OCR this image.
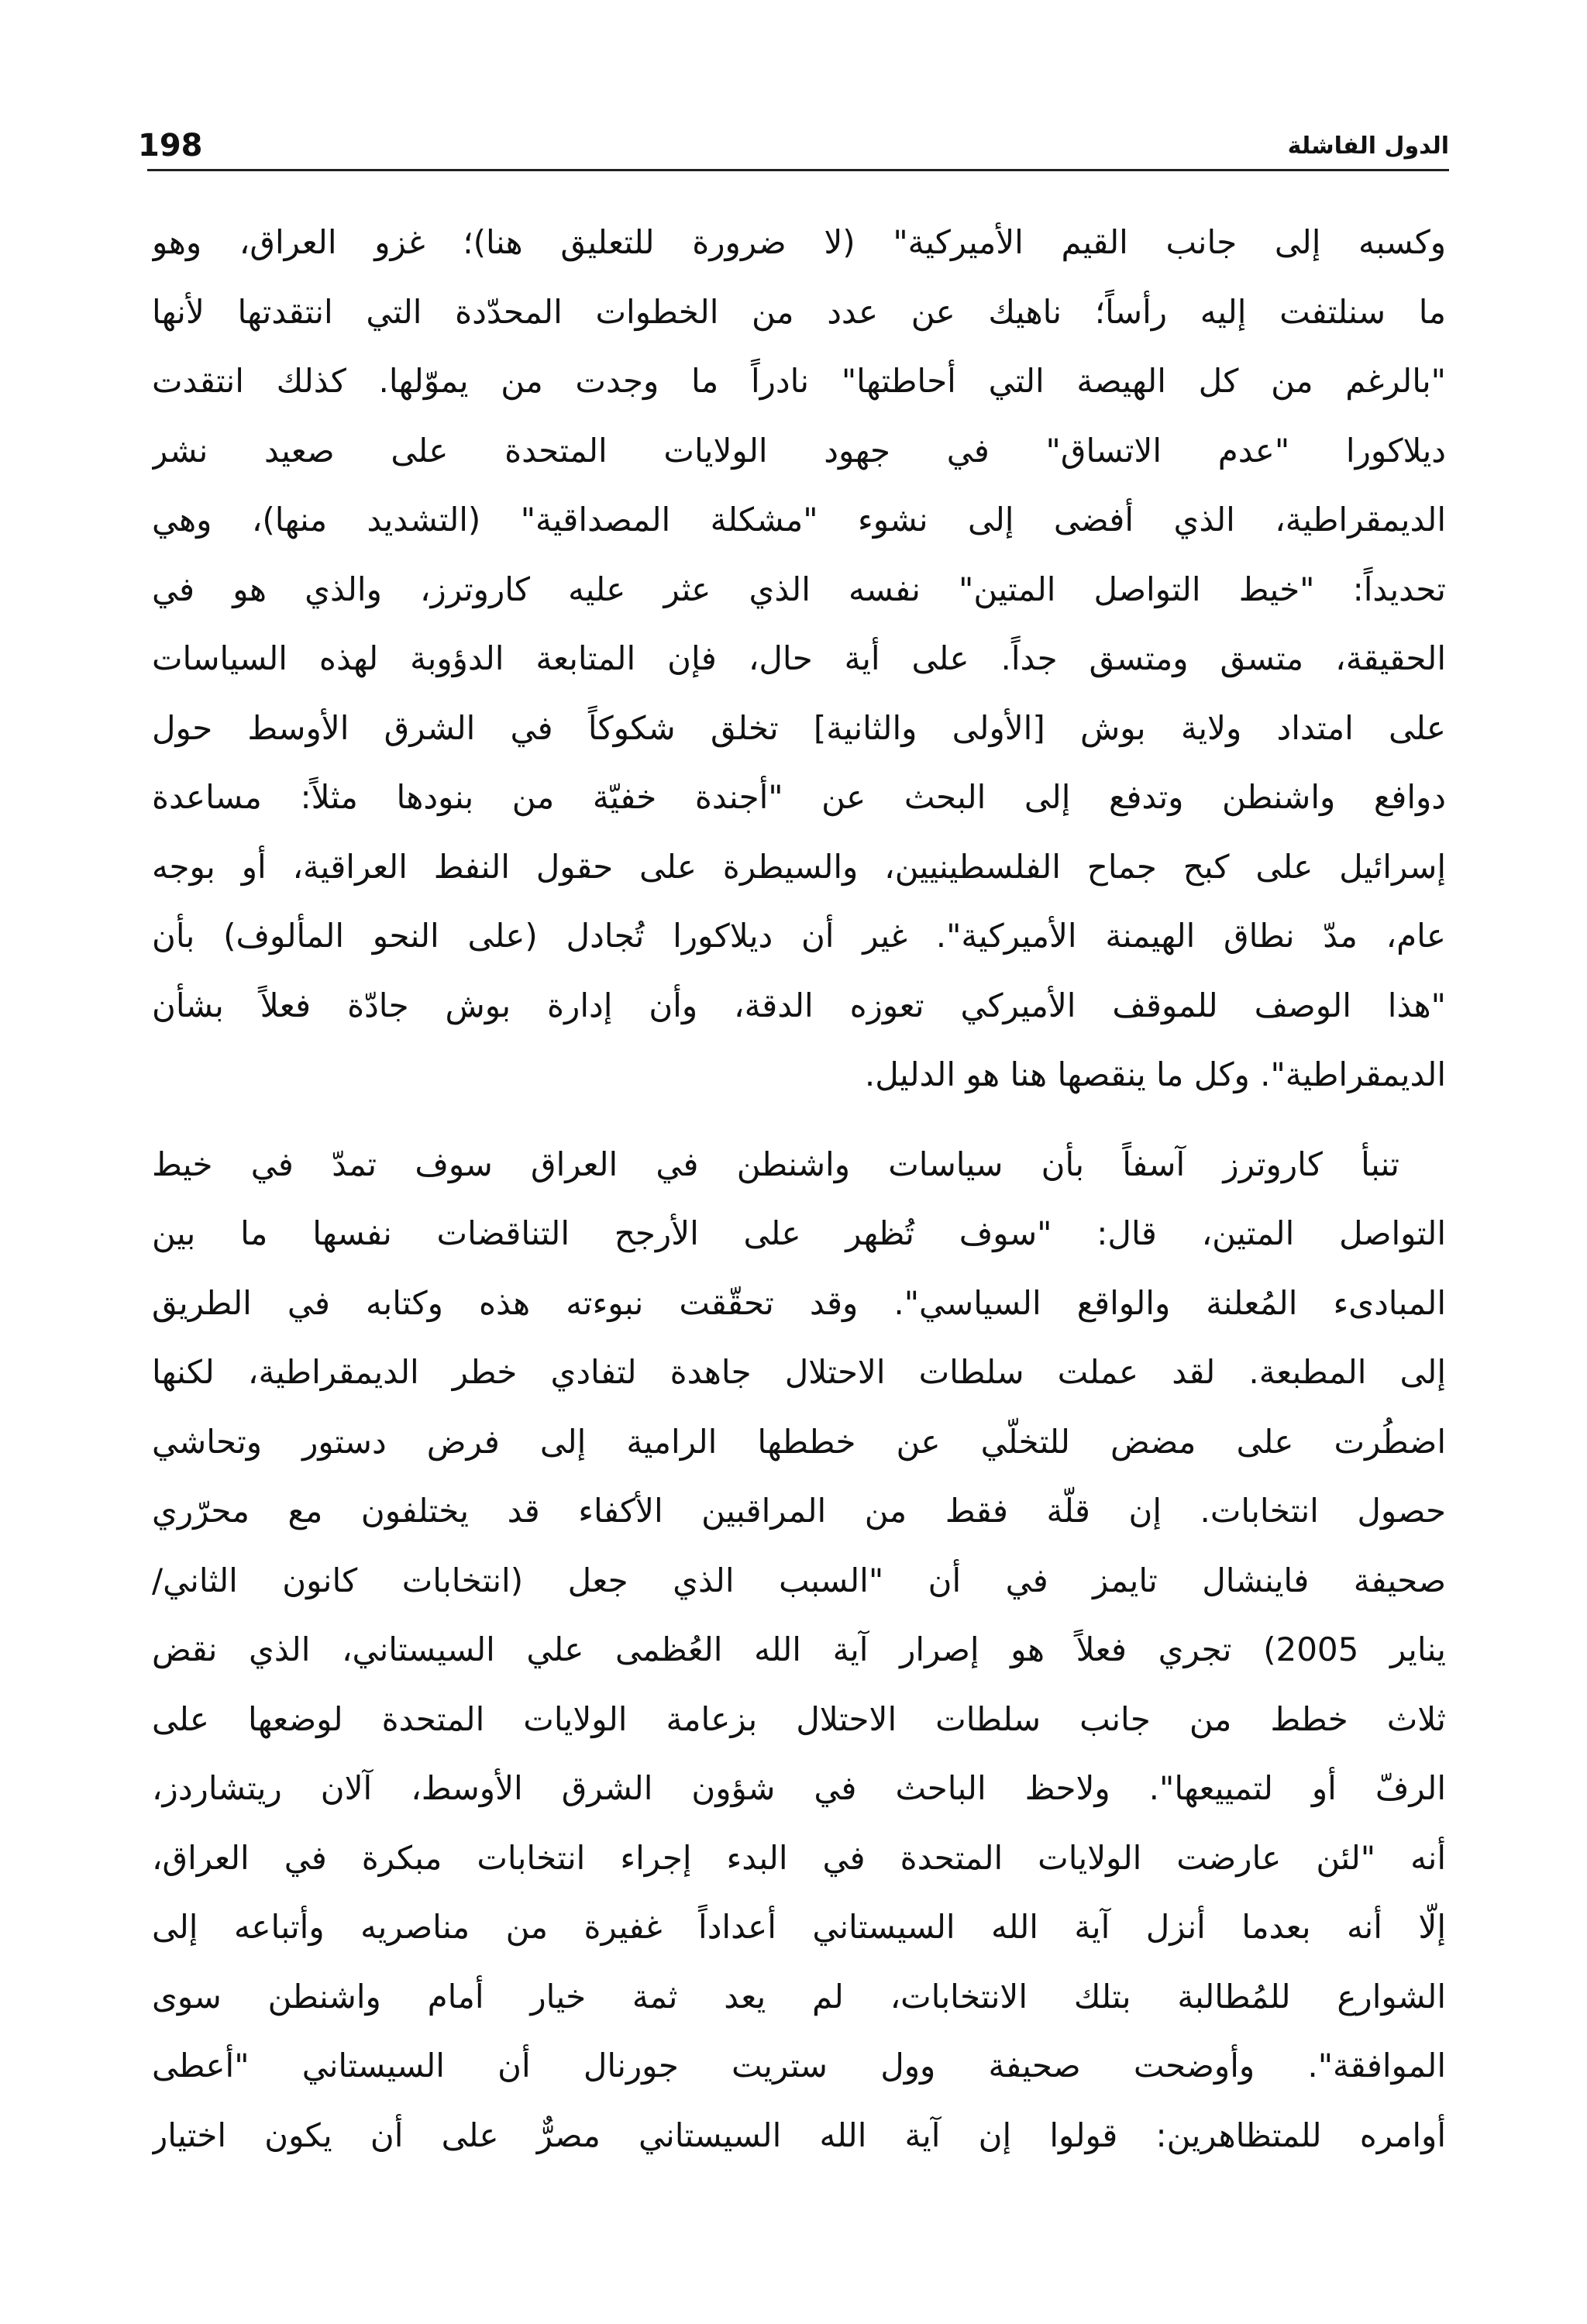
الدول الفاشلة
198

وكسبه إلى جانب القيم الأميركية" (لا ضرورة للتعليق هنا)؛ غزو العراق، وهو
ما سنلتفت إليه رأساً؛ ناهيك عن عدد من الخطوات المحدّدة التي انتقدتها لأنها
"بالرغم من كل الهيصة التي أحاطتها" نادراً ما وجدت من يموّلها. كذلك انتقدت
ديلاكورا "عدم الاتساق" في جهود الولايات المتحدة على صعيد نشر
الديمقراطية، الذي أفضى إلى نشوء "مشكلة المصداقية" (التشديد منها)، وهي
تحديداً: "خيط التواصل المتين" نفسه الذي عثر عليه كاروترز، والذي هو في
الحقيقة، متسق ومتسق جداً. على أية حال، فإن المتابعة الدؤوبة لهذه السياسات
على امتداد ولاية بوش [الأولى والثانية] تخلق شكوكاً في الشرق الأوسط حول
دوافع واشنطن وتدفع إلى البحث عن "أجندة خفيّة من بنودها مثلاً: مساعدة
إسرائيل على كبح جماح الفلسطينيين، والسيطرة على حقول النفط العراقية، أو بوجه
عام، مدّ نطاق الهيمنة الأميركية". غير أن ديلاكورا تُجادل (على النحو المألوف) بأن
"هذا الوصف للموقف الأميركي تعوزه الدقة، وأن إدارة بوش جادّة فعلاً بشأن
الديمقراطية". وكل ما ينقصها هنا هو الدليل.

تنبأ كاروترز آسفاً بأن سياسات واشنطن في العراق سوف تمدّ في خيط
التواصل المتين، قال: "سوف تُظهر على الأرجح التناقضات نفسها ما بين
المبادىء المُعلنة والواقع السياسي". وقد تحقّقت نبوءته هذه وكتابه في الطريق
إلى المطبعة. لقد عملت سلطات الاحتلال جاهدة لتفادي خطر الديمقراطية، لكنها
اضطُرت على مضض للتخلّي عن خططها الرامية إلى فرض دستور وتحاشي
حصول انتخابات. إن قلّة فقط من المراقبين الأكفاء قد يختلفون مع محرّري
صحيفة فاينشال تايمز في أن "السبب الذي جعل (انتخابات كانون الثاني/
يناير 2005) تجري فعلاً هو إصرار آية الله العُظمى علي السيستاني، الذي نقض
ثلاث خطط من جانب سلطات الاحتلال بزعامة الولايات المتحدة لوضعها على
الرفّ أو لتمييعها". ولاحظ الباحث في شؤون الشرق الأوسط، آلان ريتشاردز،
أنه "لئن عارضت الولايات المتحدة في البدء إجراء انتخابات مبكرة في العراق،
إلّا أنه بعدما أنزل آية الله السيستاني أعداداً غفيرة من مناصريه وأتباعه إلى
الشوارع للمُطالبة بتلك الانتخابات، لم يعد ثمة خيار أمام واشنطن سوى
الموافقة". وأوضحت صحيفة وول ستريت جورنال أن السيستاني "أعطى
أوامره للمتظاهرين: قولوا إن آية الله السيستاني مصرٌّ على أن يكون اختيار
